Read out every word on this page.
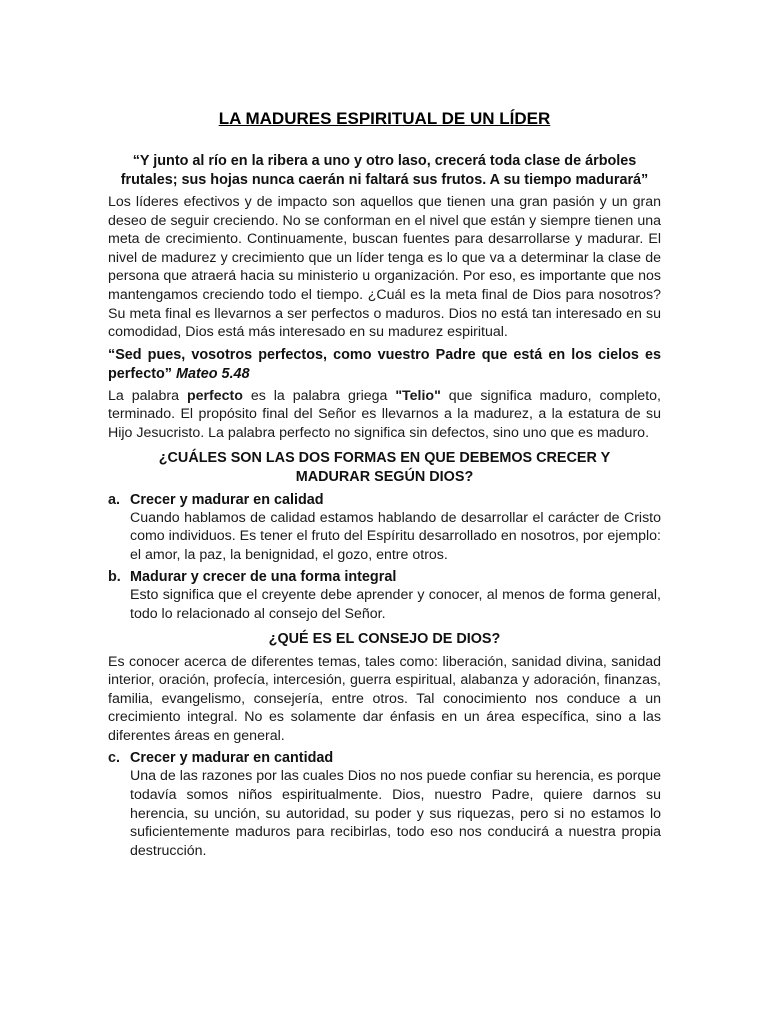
LA MADURES ESPIRITUAL DE UN LÍDER
“Y junto al río en la ribera a uno y otro laso, crecerá toda clase de árboles frutales; sus hojas nunca caerán ni faltará sus frutos. A su tiempo madurará”
Los líderes efectivos y de impacto son aquellos que tienen una gran pasión y un gran deseo de seguir creciendo. No se conforman en el nivel que están y siempre tienen una meta de crecimiento. Continuamente, buscan fuentes para desarrollarse y madurar. El nivel de madurez y crecimiento que un líder tenga es lo que va a determinar la clase de persona que atraerá hacia su ministerio u organización. Por eso, es importante que nos mantengamos creciendo todo el tiempo. ¿Cuál es la meta final de Dios para nosotros? Su meta final es llevarnos a ser perfectos o maduros. Dios no está tan interesado en su comodidad, Dios está más interesado en su madurez espiritual.
“Sed pues, vosotros perfectos, como vuestro Padre que está en los cielos es perfecto” Mateo 5.48
La palabra perfecto es la palabra griega "Telio" que significa maduro, completo, terminado. El propósito final del Señor es llevarnos a la madurez, a la estatura de su Hijo Jesucristo. La palabra perfecto no significa sin defectos, sino uno que es maduro.
¿CUÁLES SON LAS DOS FORMAS EN QUE DEBEMOS CRECER Y MADURAR SEGÚN DIOS?
a. Crecer y madurar en calidad
Cuando hablamos de calidad estamos hablando de desarrollar el carácter de Cristo como individuos. Es tener el fruto del Espíritu desarrollado en nosotros, por ejemplo: el amor, la paz, la benignidad, el gozo, entre otros.
b. Madurar y crecer de una forma integral
Esto significa que el creyente debe aprender y conocer, al menos de forma general, todo lo relacionado al consejo del Señor.
¿QUÉ ES EL CONSEJO DE DIOS?
Es conocer acerca de diferentes temas, tales como: liberación, sanidad divina, sanidad interior, oración, profecía, intercesión, guerra espiritual, alabanza y adoración, finanzas, familia, evangelismo, consejería, entre otros. Tal conocimiento nos conduce a un crecimiento integral. No es solamente dar énfasis en un área específica, sino a las diferentes áreas en general.
c. Crecer y madurar en cantidad
Una de las razones por las cuales Dios no nos puede confiar su herencia, es porque todavía somos niños espiritualmente. Dios, nuestro Padre, quiere darnos su herencia, su unción, su autoridad, su poder y sus riquezas, pero si no estamos lo suficientemente maduros para recibirlas, todo eso nos conducirá a nuestra propia destrucción.
